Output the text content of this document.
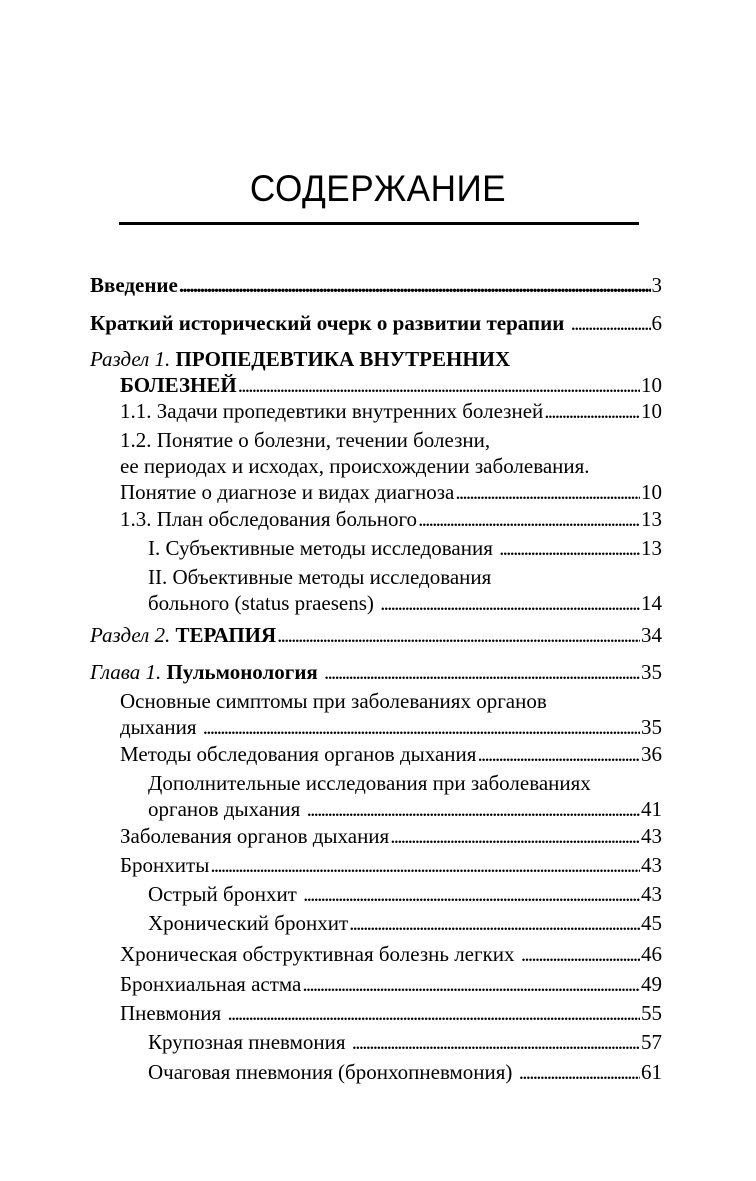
СОДЕРЖАНИЕ
Введение . . .	3
Краткий исторический очерк о развитии терапии . . .	6
Раздел 1. ПРОПЕДЕВТИКА ВНУТРЕННИХ
БОЛЕЗНЕЙ . . .	10
1.1. Задачи пропедевтики внутренних болезней . . .	10
1.2. Понятие о болезни, течении болезни,
ее периодах и исходах, происхождении заболевания.
Понятие о диагнозе и видах диагноза . . .	10
1.3. План обследования больного . . .	13
I. Субъективные методы исследования . . .	13
II. Объективные методы исследования
больного (status praesens) . . .	14
Раздел 2. ТЕРАПИЯ . . .	34
Глава 1. Пульмонология . . .	35
Основные симптомы при заболеваниях органов
дыхания . . .	35
Методы обследования органов дыхания . . .	36
Дополнительные исследования при заболеваниях
органов дыхания . . .	41
Заболевания органов дыхания . . .	43
Бронхиты . . .	43
Острый бронхит . . .	43
Хронический бронхит . . .	45
Хроническая обструктивная болезнь легких . . .	46
Бронхиальная астма . . .	49
Пневмония . . .	55
Крупозная пневмония . . .	57
Очаговая пневмония (бронхопневмония) . . .	61
